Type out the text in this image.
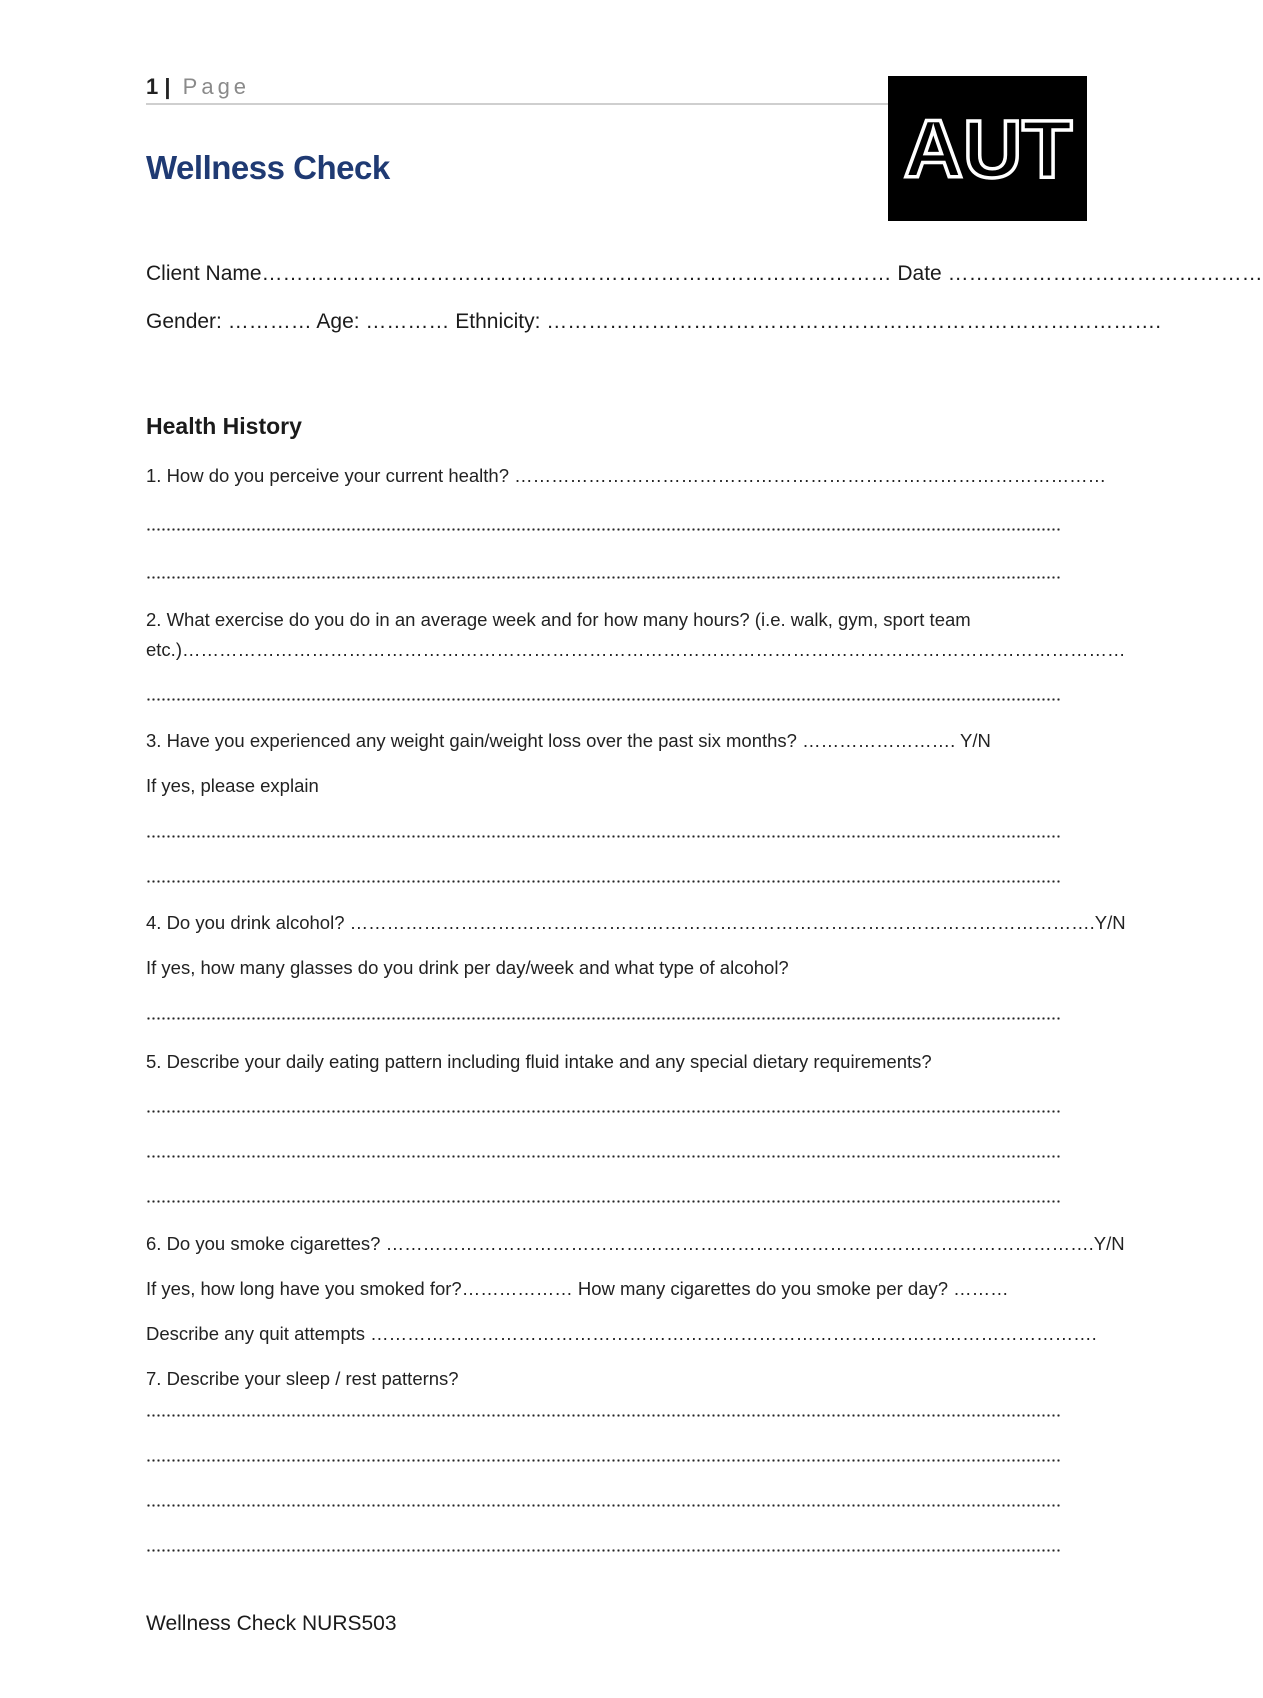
1 | Page
AUT
Wellness Check
Client Name……………………………………………………………………………… Date ………………………………………
Gender: ………… Age: ………… Ethnicity: …………………………………………………………………………….
Health History
1. How do you perceive your current health? ……………………………………………………………………………………
2. What exercise do you do in an average week and for how many hours? (i.e. walk, gym, sport team
etc.)………………………………………………………………………………………………………………………………………
3. Have you experienced any weight gain/weight loss over the past six months? ……………………. Y/N
If yes, please explain
4. Do you drink alcohol? ………………………………………………………………………………………………………….Y/N
If yes, how many glasses do you drink per day/week and what type of alcohol?
5. Describe your daily eating pattern including fluid intake and any special dietary requirements?
6. Do you smoke cigarettes? …………………………………………………………………………………………………….Y/N
If yes, how long have you smoked for?……………… How many cigarettes do you smoke per day? ………
Describe any quit attempts ……………………………………………………………………………………………………….
7. Describe your sleep / rest patterns?
Wellness Check NURS503
